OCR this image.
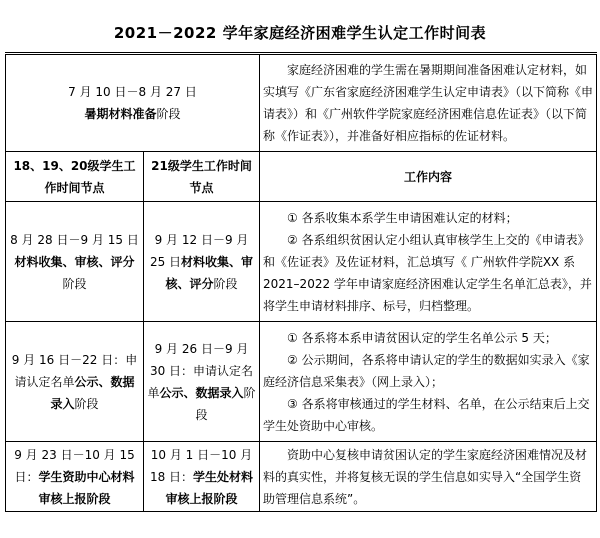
2021－2022 学年家庭经济困难学生认定工作时间表
7 月 10 日－8 月 27 日
暑期材料准备阶段		家庭经济困难的学生需在暑期期间准备困难认定材料，如实填写《广东省家庭经济困难学生认定申请表》（以下简称《申请表》）和《广州软件学院家庭经济困难信息佐证表》（以下简称《作证表》），并准备好相应指标的佐证材料。

18、19、20级学生工作时间节点	21级学生工作时间节点	工作内容
8 月 28 日－9 月 15 日材料收集、审核、评分阶段	9 月 12 日－9 月 25 日材料收集、审核、评分阶段	① 各系收集本系学生申请困难认定的材料；

② 各系组织贫困认定小组认真审核学生上交的《申请表》和《佐证表》及佐证材料，汇总填写《 广州软件学院XX 系 2021–2022 学年申请家庭经济困难认定学生名单汇总表》，并将学生申请材料排序、标号，归档整理。

9 月 16 日－22 日：申请认定名单公示、数据录入阶段	9 月 26 日－9 月 30 日：申请认定名单公示、数据录入阶段	① 各系将本系申请贫困认定的学生名单公示 5 天；

② 公示期间，各系将申请认定的学生的数据如实录入《家庭经济信息采集表》（网上录入）；

③ 各系将审核通过的学生材料、名单，在公示结束后上交学生处资助中心审核。

9 月 23 日－10 月 15 日：学生资助中心材料审核上报阶段	10 月 1 日－10 月 18 日：学生处材料审核上报阶段	资助中心复核申请贫困认定的学生家庭经济困难情况及材料的真实性，并将复核无误的学生信息如实导入“全国学生资助管理信息系统”。
